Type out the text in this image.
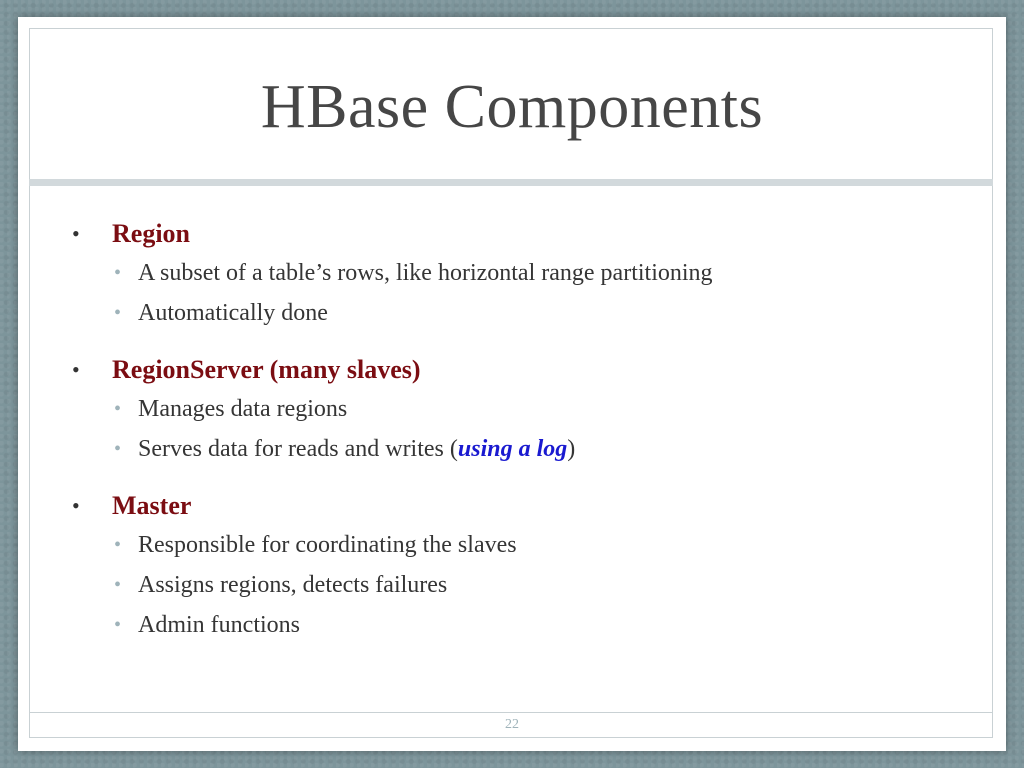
HBase Components
• Region
• A subset of a table’s rows, like horizontal range partitioning
• Automatically done
• RegionServer (many slaves)
• Manages data regions
• Serves data for reads and writes (using a log)
• Master
• Responsible for coordinating the slaves
• Assigns regions, detects failures
• Admin functions
22
